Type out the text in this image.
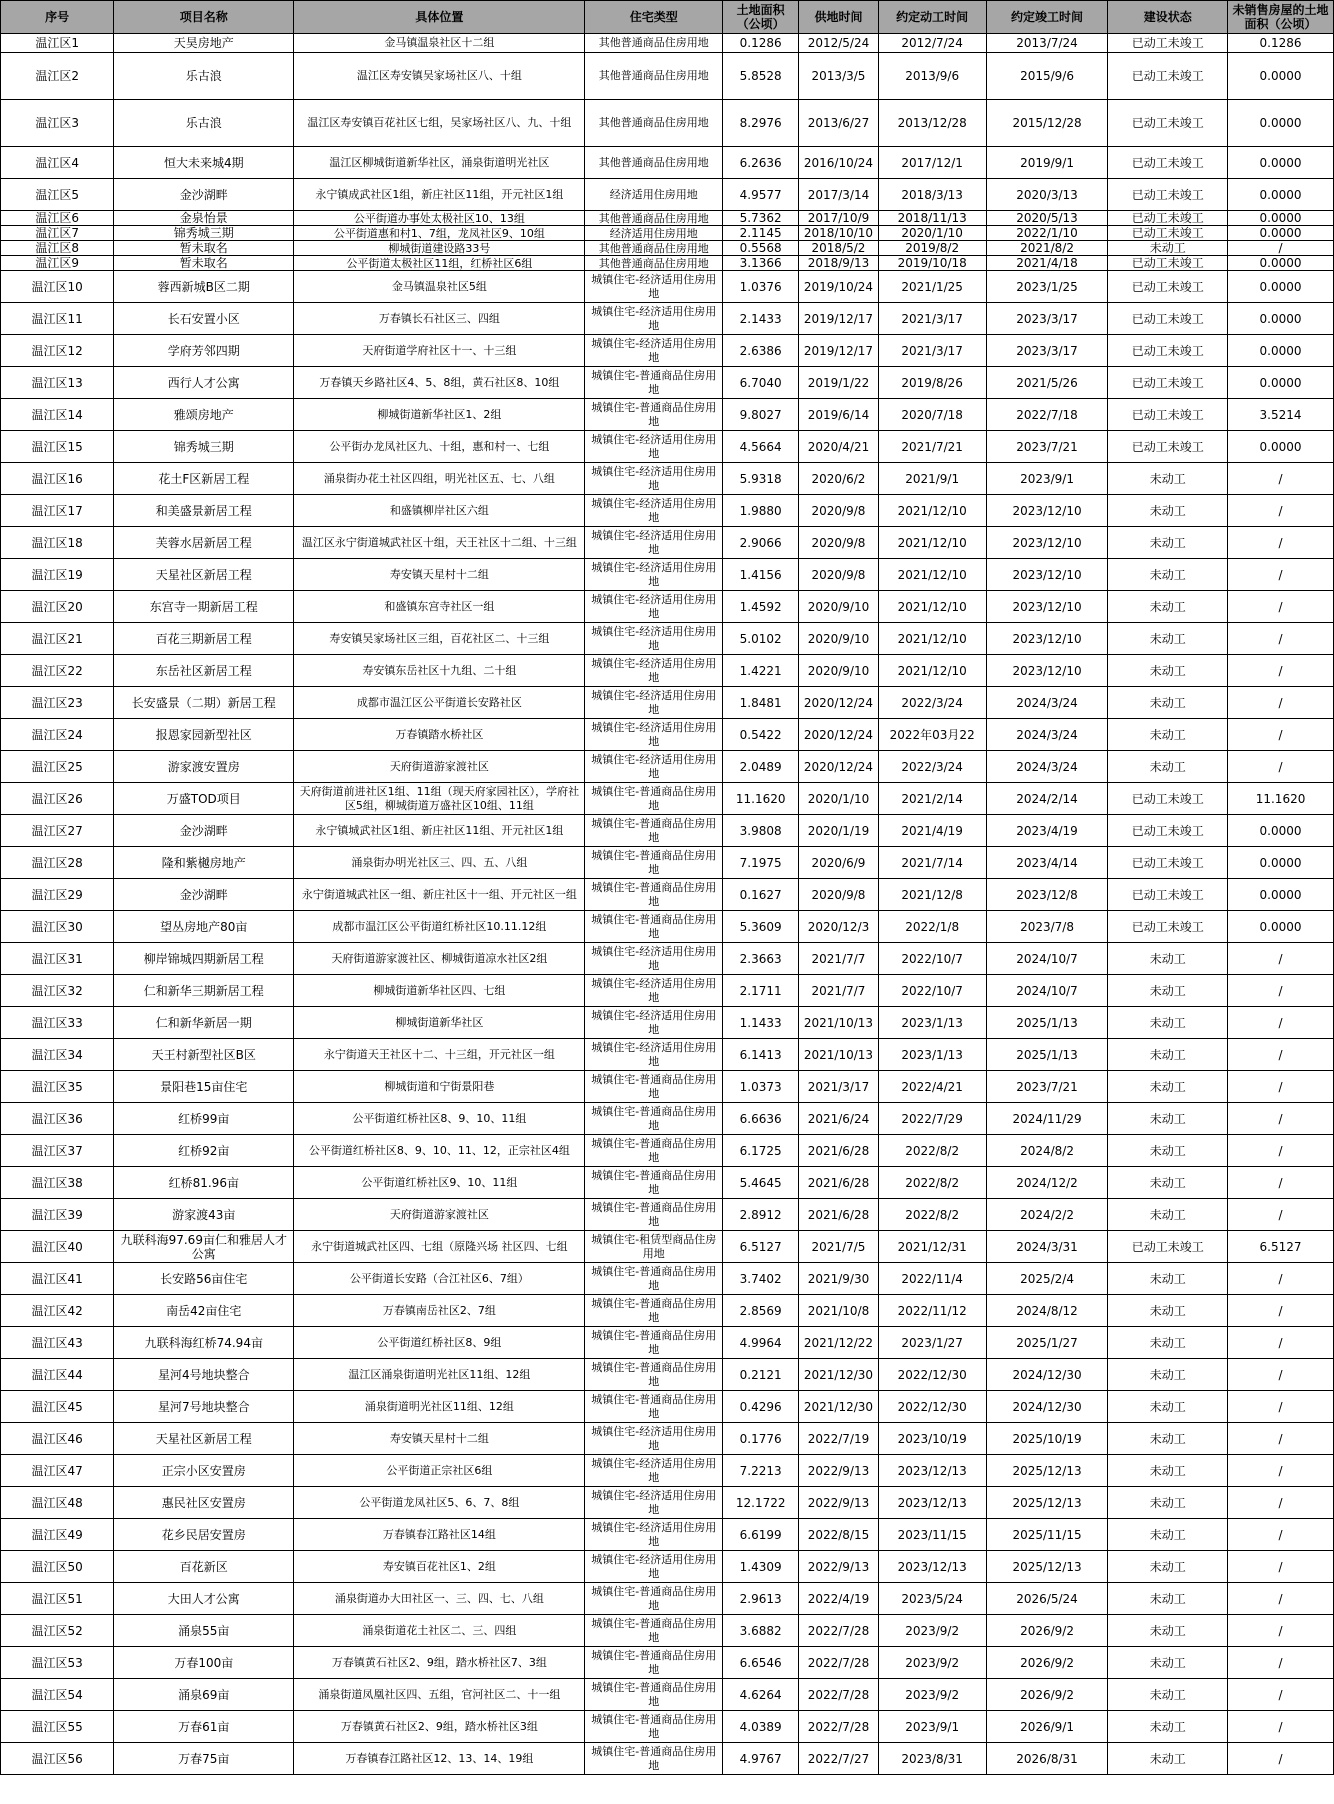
序号	项目名称	具体位置	住宅类型	土地面积（公顷）	供地时间	约定动工时间	约定竣工时间	建设状态	未销售房屋的土地面积（公顷）
温江区1	天昊房地产	金马镇温泉社区十二组	其他普通商品住房用地	0.1286	2012/5/24	2012/7/24	2013/7/24	已动工未竣工	0.1286
温江区2	乐古浪	温江区寿安镇吴家场社区八、十组	其他普通商品住房用地	5.8528	2013/3/5	2013/9/6	2015/9/6	已动工未竣工	0.0000
温江区3	乐古浪	温江区寿安镇百花社区七组，吴家场社区八、九、十组	其他普通商品住房用地	8.2976	2013/6/27	2013/12/28	2015/12/28	已动工未竣工	0.0000
温江区4	恒大未来城4期	温江区柳城街道新华社区，涌泉街道明光社区	其他普通商品住房用地	6.2636	2016/10/24	2017/12/1	2019/9/1	已动工未竣工	0.0000
温江区5	金沙湖畔	永宁镇成武社区1组，新庄社区11组，开元社区1组	经济适用住房用地	4.9577	2017/3/14	2018/3/13	2020/3/13	已动工未竣工	0.0000
温江区6	金泉怡景	公平街道办事处太极社区10、13组	其他普通商品住房用地	5.7362	2017/10/9	2018/11/13	2020/5/13	已动工未竣工	0.0000
温江区7	锦秀城三期	公平街道惠和村1、7组，龙凤社区9、10组	经济适用住房用地	2.1145	2018/10/10	2020/1/10	2022/1/10	已动工未竣工	0.0000
温江区8	暂未取名	柳城街道建设路33号	其他普通商品住房用地	0.5568	2018/5/2	2019/8/2	2021/8/2	未动工	/
温江区9	暂未取名	公平街道太极社区11组，红桥社区6组	其他普通商品住房用地	3.1366	2018/9/13	2019/10/18	2021/4/18	已动工未竣工	0.0000
温江区10	蓉西新城B区二期	金马镇温泉社区5组	城镇住宅-经济适用住房用地	1.0376	2019/10/24	2021/1/25	2023/1/25	已动工未竣工	0.0000
温江区11	长石安置小区	万春镇长石社区三、四组	城镇住宅-经济适用住房用地	2.1433	2019/12/17	2021/3/17	2023/3/17	已动工未竣工	0.0000
温江区12	学府芳邻四期	天府街道学府社区十一、十三组	城镇住宅-经济适用住房用地	2.6386	2019/12/17	2021/3/17	2023/3/17	已动工未竣工	0.0000
温江区13	西行人才公寓	万春镇天乡路社区4、5、8组，黄石社区8、10组	城镇住宅-普通商品住房用地	6.7040	2019/1/22	2019/8/26	2021/5/26	已动工未竣工	0.0000
温江区14	雅颂房地产	柳城街道新华社区1、2组	城镇住宅-普通商品住房用地	9.8027	2019/6/14	2020/7/18	2022/7/18	已动工未竣工	3.5214
温江区15	锦秀城三期	公平街办龙凤社区九、十组，惠和村一、七组	城镇住宅-经济适用住房用地	4.5664	2020/4/21	2021/7/21	2023/7/21	已动工未竣工	0.0000
温江区16	花土F区新居工程	涌泉街办花土社区四组，明光社区五、七、八组	城镇住宅-经济适用住房用地	5.9318	2020/6/2	2021/9/1	2023/9/1	未动工	/
温江区17	和美盛景新居工程	和盛镇柳岸社区六组	城镇住宅-经济适用住房用地	1.9880	2020/9/8	2021/12/10	2023/12/10	未动工	/
温江区18	芙蓉水居新居工程	温江区永宁街道城武社区十组，天王社区十二组、十三组	城镇住宅-经济适用住房用地	2.9066	2020/9/8	2021/12/10	2023/12/10	未动工	/
温江区19	天星社区新居工程	寿安镇天星村十二组	城镇住宅-经济适用住房用地	1.4156	2020/9/8	2021/12/10	2023/12/10	未动工	/
温江区20	东宫寺一期新居工程	和盛镇东宫寺社区一组	城镇住宅-经济适用住房用地	1.4592	2020/9/10	2021/12/10	2023/12/10	未动工	/
温江区21	百花三期新居工程	寿安镇吴家场社区三组，百花社区二、十三组	城镇住宅-经济适用住房用地	5.0102	2020/9/10	2021/12/10	2023/12/10	未动工	/
温江区22	东岳社区新居工程	寿安镇东岳社区十九组、二十组	城镇住宅-经济适用住房用地	1.4221	2020/9/10	2021/12/10	2023/12/10	未动工	/
温江区23	长安盛景（二期）新居工程	成都市温江区公平街道长安路社区	城镇住宅-经济适用住房用地	1.8481	2020/12/24	2022/3/24	2024/3/24	未动工	/
温江区24	报恩家园新型社区	万春镇踏水桥社区	城镇住宅-经济适用住房用地	0.5422	2020/12/24	2022年03月22	2024/3/24	未动工	/
温江区25	游家渡安置房	天府街道游家渡社区	城镇住宅-经济适用住房用地	2.0489	2020/12/24	2022/3/24	2024/3/24	未动工	/
温江区26	万盛TOD项目	天府街道前进社区1组、11组（现天府家园社区），学府社区5组，柳城街道万盛社区10组、11组	城镇住宅-普通商品住房用地	11.1620	2020/1/10	2021/2/14	2024/2/14	已动工未竣工	11.1620
温江区27	金沙湖畔	永宁镇城武社区1组、新庄社区11组、开元社区1组	城镇住宅-普通商品住房用地	3.9808	2020/1/19	2021/4/19	2023/4/19	已动工未竣工	0.0000
温江区28	隆和紫樾房地产	涌泉街办明光社区三、四、五、八组	城镇住宅-普通商品住房用地	7.1975	2020/6/9	2021/7/14	2023/4/14	已动工未竣工	0.0000
温江区29	金沙湖畔	永宁街道城武社区一组、新庄社区十一组、开元社区一组	城镇住宅-普通商品住房用地	0.1627	2020/9/8	2021/12/8	2023/12/8	已动工未竣工	0.0000
温江区30	望丛房地产80亩	成都市温江区公平街道红桥社区10.11.12组	城镇住宅-普通商品住房用地	5.3609	2020/12/3	2022/1/8	2023/7/8	已动工未竣工	0.0000
温江区31	柳岸锦城四期新居工程	天府街道游家渡社区、柳城街道凉水社区2组	城镇住宅-经济适用住房用地	2.3663	2021/7/7	2022/10/7	2024/10/7	未动工	/
温江区32	仁和新华三期新居工程	柳城街道新华社区四、七组	城镇住宅-经济适用住房用地	2.1711	2021/7/7	2022/10/7	2024/10/7	未动工	/
温江区33	仁和新华新居一期	柳城街道新华社区	城镇住宅-经济适用住房用地	1.1433	2021/10/13	2023/1/13	2025/1/13	未动工	/
温江区34	天王村新型社区B区	永宁街道天王社区十二、十三组，开元社区一组	城镇住宅-经济适用住房用地	6.1413	2021/10/13	2023/1/13	2025/1/13	未动工	/
温江区35	景阳巷15亩住宅	柳城街道和宁街景阳巷	城镇住宅-普通商品住房用地	1.0373	2021/3/17	2022/4/21	2023/7/21	未动工	/
温江区36	红桥99亩	公平街道红桥社区8、9、10、11组	城镇住宅-普通商品住房用地	6.6636	2021/6/24	2022/7/29	2024/11/29	未动工	/
温江区37	红桥92亩	公平街道红桥社区8、9、10、11、12，正宗社区4组	城镇住宅-普通商品住房用地	6.1725	2021/6/28	2022/8/2	2024/8/2	未动工	/
温江区38	红桥81.96亩	公平街道红桥社区9、10、11组	城镇住宅-普通商品住房用地	5.4645	2021/6/28	2022/8/2	2024/12/2	未动工	/
温江区39	游家渡43亩	天府街道游家渡社区	城镇住宅-普通商品住房用地	2.8912	2021/6/28	2022/8/2	2024/2/2	未动工	/
温江区40	九联科海97.69亩仁和雅居人才公寓	永宁街道城武社区四、七组（原隆兴场 社区四、七组	城镇住宅-租赁型商品住房用地	6.5127	2021/7/5	2021/12/31	2024/3/31	已动工未竣工	6.5127
温江区41	长安路56亩住宅	公平街道长安路（合江社区6、7组）	城镇住宅-普通商品住房用地	3.7402	2021/9/30	2022/11/4	2025/2/4	未动工	/
温江区42	南岳42亩住宅	万春镇南岳社区2、7组	城镇住宅-普通商品住房用地	2.8569	2021/10/8	2022/11/12	2024/8/12	未动工	/
温江区43	九联科海红桥74.94亩	公平街道红桥社区8、9组	城镇住宅-普通商品住房用地	4.9964	2021/12/22	2023/1/27	2025/1/27	未动工	/
温江区44	星河4号地块整合	温江区涌泉街道明光社区11组、12组	城镇住宅-普通商品住房用地	0.2121	2021/12/30	2022/12/30	2024/12/30	未动工	/
温江区45	星河7号地块整合	涌泉街道明光社区11组、12组	城镇住宅-普通商品住房用地	0.4296	2021/12/30	2022/12/30	2024/12/30	未动工	/
温江区46	天星社区新居工程	寿安镇天星村十二组	城镇住宅-经济适用住房用地	0.1776	2022/7/19	2023/10/19	2025/10/19	未动工	/
温江区47	正宗小区安置房	公平街道正宗社区6组	城镇住宅-经济适用住房用地	7.2213	2022/9/13	2023/12/13	2025/12/13	未动工	/
温江区48	惠民社区安置房	公平街道龙凤社区5、6、7、8组	城镇住宅-经济适用住房用地	12.1722	2022/9/13	2023/12/13	2025/12/13	未动工	/
温江区49	花乡民居安置房	万春镇春江路社区14组	城镇住宅-经济适用住房用地	6.6199	2022/8/15	2023/11/15	2025/11/15	未动工	/
温江区50	百花新区	寿安镇百花社区1、2组	城镇住宅-经济适用住房用地	1.4309	2022/9/13	2023/12/13	2025/12/13	未动工	/
温江区51	大田人才公寓	涌泉街道办大田社区一、三、四、七、八组	城镇住宅-普通商品住房用地	2.9613	2022/4/19	2023/5/24	2026/5/24	未动工	/
温江区52	涌泉55亩	涌泉街道花土社区二、三、四组	城镇住宅-普通商品住房用地	3.6882	2022/7/28	2023/9/2	2026/9/2	未动工	/
温江区53	万春100亩	万春镇黄石社区2、9组，踏水桥社区7、3组	城镇住宅-普通商品住房用地	6.6546	2022/7/28	2023/9/2	2026/9/2	未动工	/
温江区54	涌泉69亩	涌泉街道凤凰社区四、五组，官河社区二、十一组	城镇住宅-普通商品住房用地	4.6264	2022/7/28	2023/9/2	2026/9/2	未动工	/
温江区55	万春61亩	万春镇黄石社区2、9组，踏水桥社区3组	城镇住宅-普通商品住房用地	4.0389	2022/7/28	2023/9/1	2026/9/1	未动工	/
温江区56	万春75亩	万春镇春江路社区12、13、14、19组	城镇住宅-普通商品住房用地	4.9767	2022/7/27	2023/8/31	2026/8/31	未动工	/
